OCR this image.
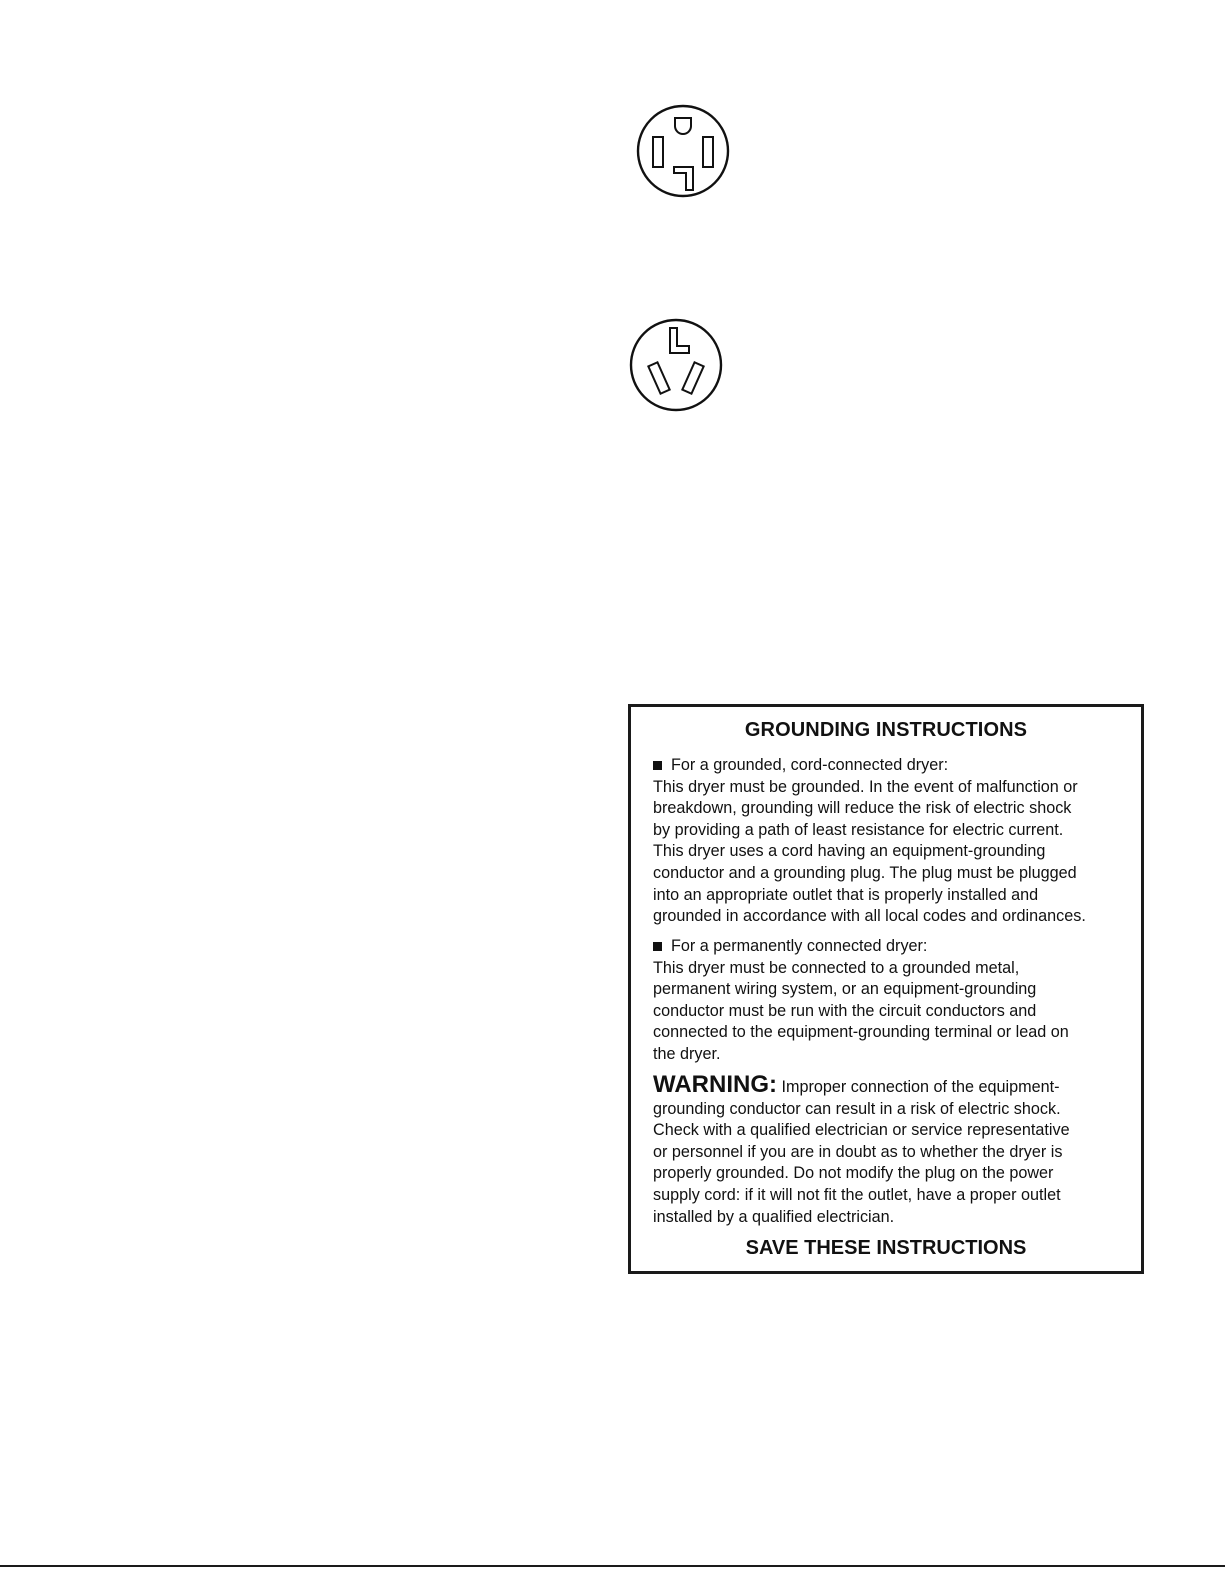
GROUNDING INSTRUCTIONS
For a grounded, cord-connected dryer:

This dryer must be grounded. In the event of malfunction or

breakdown, grounding will reduce the risk of electric shock

by providing a path of least resistance for electric current.

This dryer uses a cord having an equipment-grounding

conductor and a grounding plug. The plug must be plugged

into an appropriate outlet that is properly installed and

grounded in accordance with all local codes and ordinances.

For a permanently connected dryer:

This dryer must be connected to a grounded metal,

permanent wiring system, or an equipment-grounding

conductor must be run with the circuit conductors and

connected to the equipment-grounding terminal or lead on

the dryer.

WARNING: Improper connection of the equipment-

grounding conductor can result in a risk of electric shock.

Check with a qualified electrician or service representative

or personnel if you are in doubt as to whether the dryer is

properly grounded. Do not modify the plug on the power

supply cord: if it will not fit the outlet, have a proper outlet

installed by a qualified electrician.

SAVE THESE INSTRUCTIONS
